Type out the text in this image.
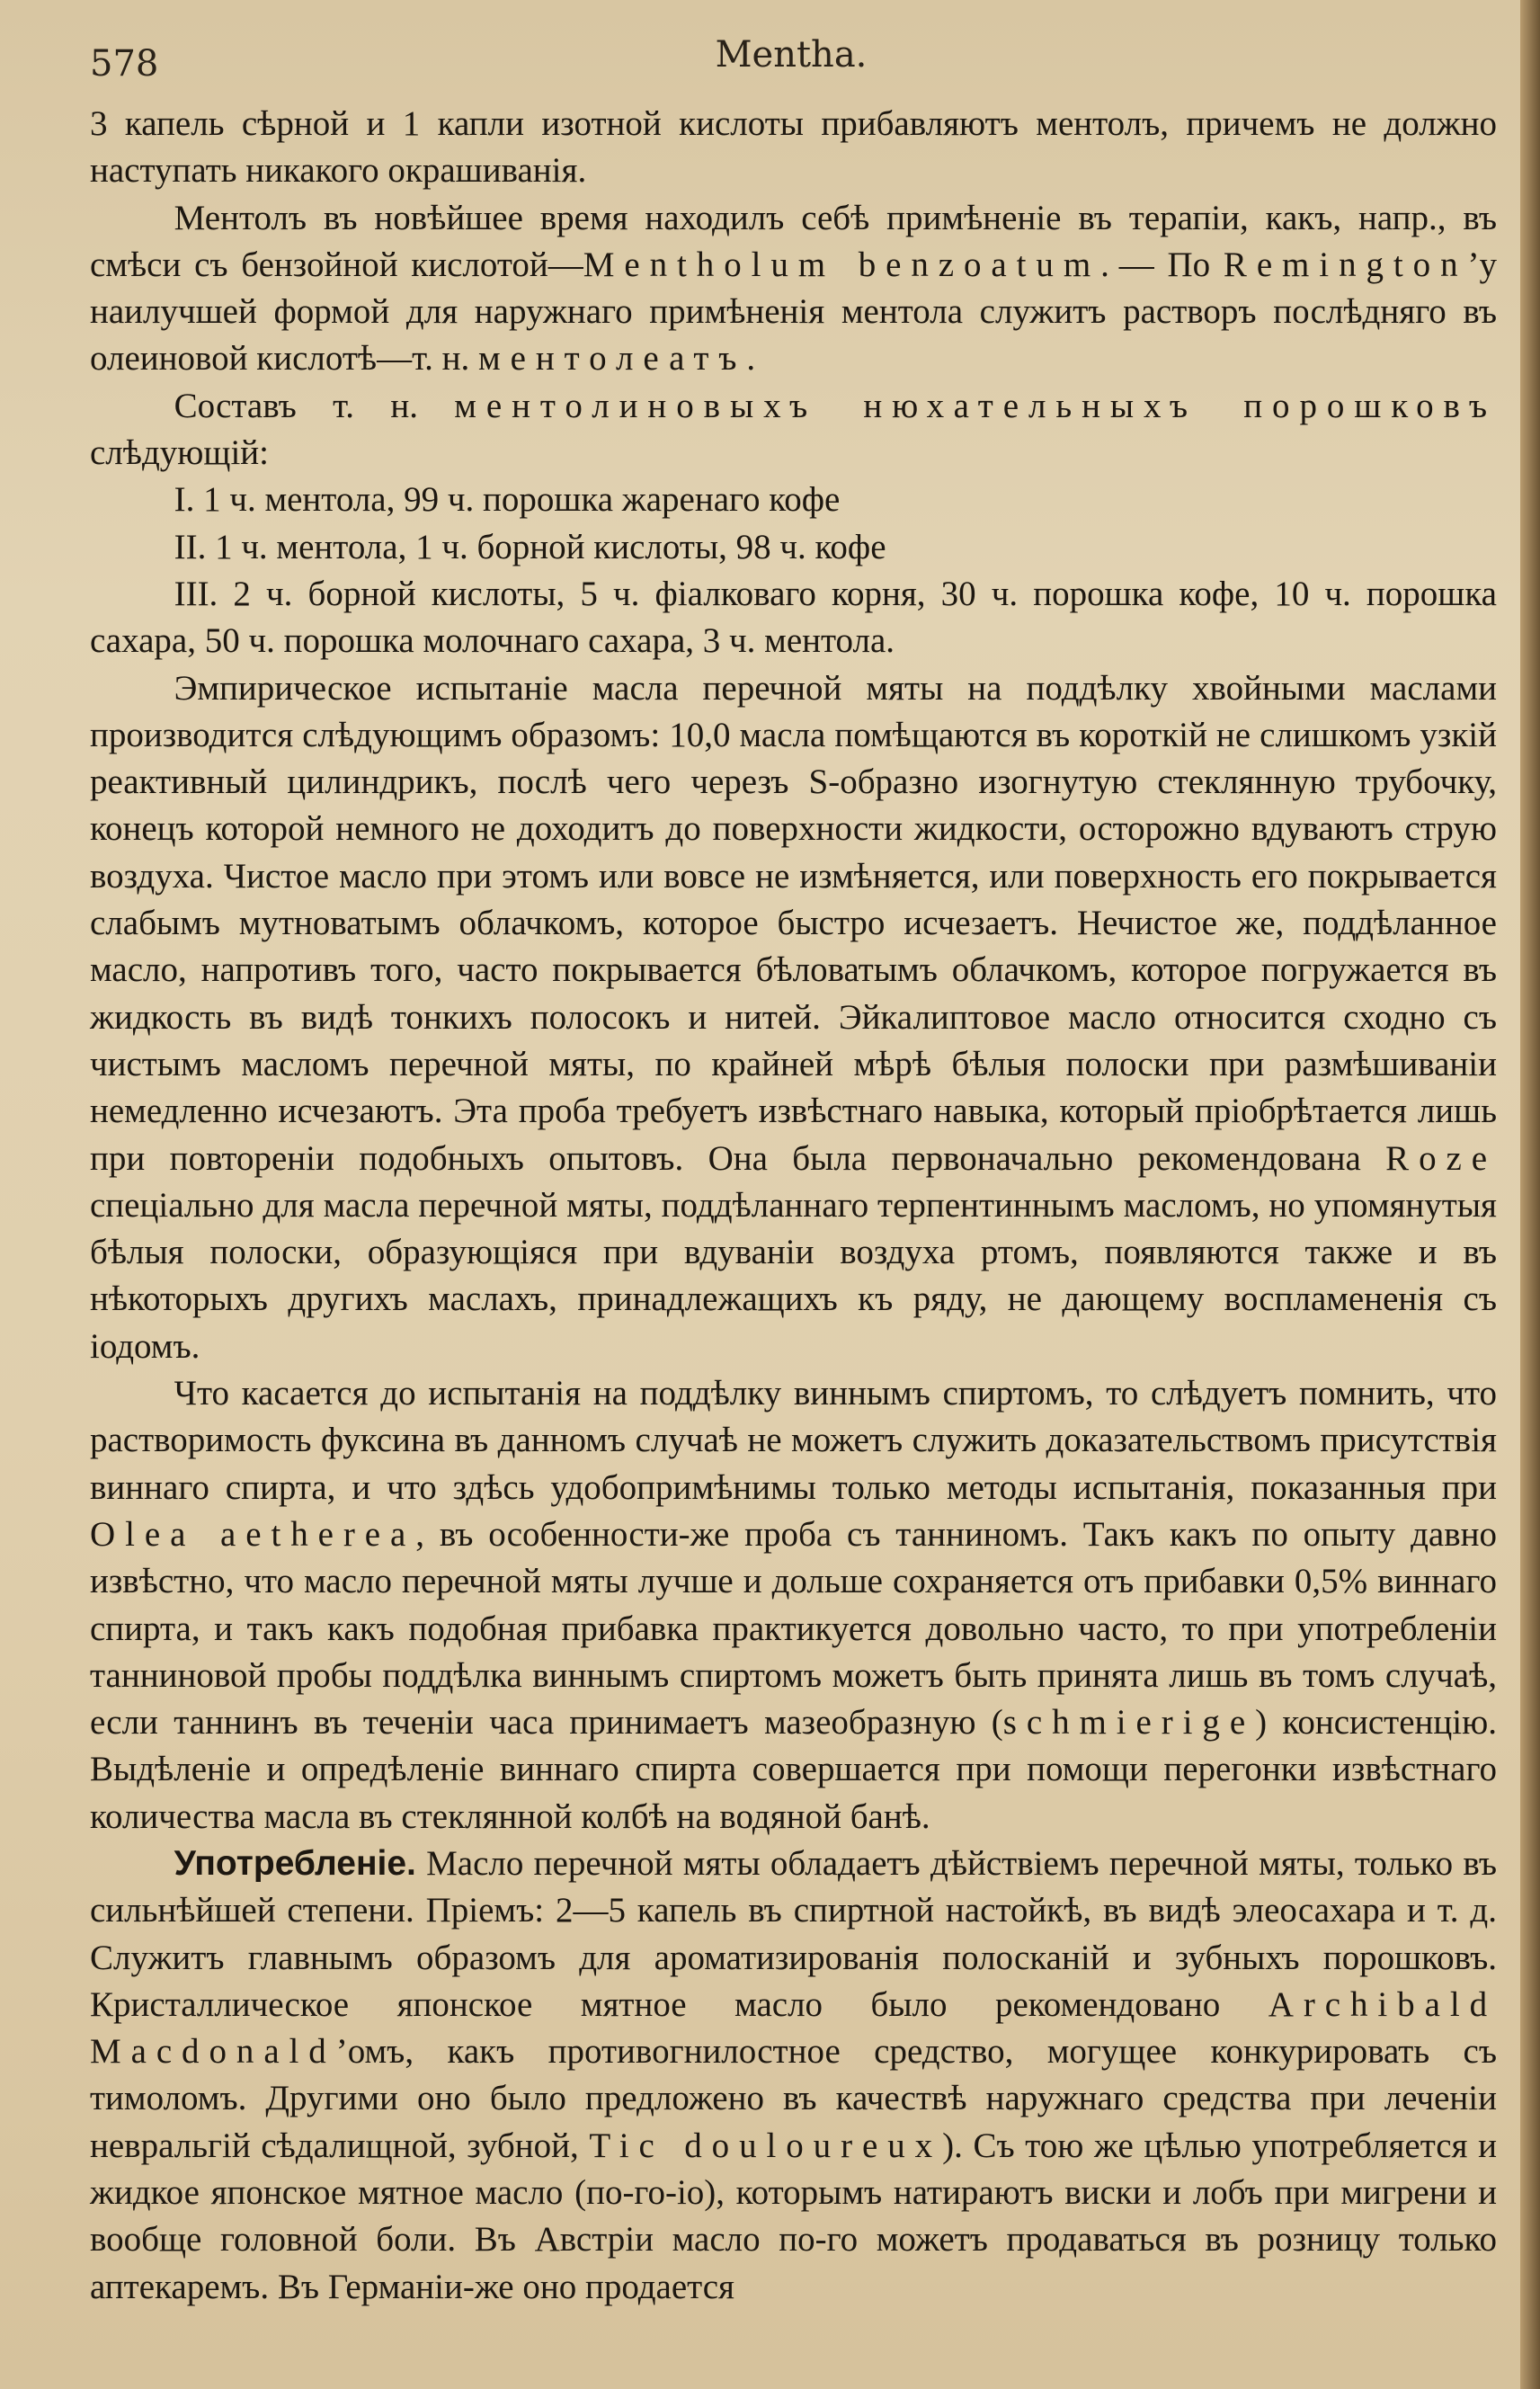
578	Mentha.

3 капель сѣрной и 1 капли изотной кислоты прибавляютъ ментолъ, причемъ не должно наступать никакого окрашиванія.

Ментолъ въ новѣйшее время находилъ себѣ примѣненіе въ терапіи, какъ, напр., въ смѣси съ бензойной кислотой—Mentholum benzoatum.— По Remington’у наилучшей формой для наружнаго примѣненія ментола служитъ растворъ послѣдняго въ олеиновой кислотѣ—т. н. ментолеатъ.

Составъ т. н. ментолиновыхъ нюхательныхъ порошковъ слѣдующій:

I. 1 ч. ментола, 99 ч. порошка жаренаго кофе

II. 1 ч. ментола, 1 ч. борной кислоты, 98 ч. кофе

III. 2 ч. борной кислоты, 5 ч. фіалковаго корня, 30 ч. порошка кофе, 10 ч. порошка сахара, 50 ч. порошка молочнаго сахара, 3 ч. ментола.

Эмпирическое испытаніе масла перечной мяты на поддѣлку хвойными маслами производится слѣдующимъ образомъ: 10,0 масла помѣщаются въ короткій не слишкомъ узкій реактивный цилиндрикъ, послѣ чего черезъ S-образно изогнутую стеклянную трубочку, конецъ которой немного не доходитъ до поверхности жидкости, осторожно вдуваютъ струю воздуха. Чистое масло при этомъ или вовсе не измѣняется, или поверхность его покрывается слабымъ мутноватымъ облачкомъ, которое быстро исчезаетъ. Нечистое же, поддѣланное масло, напротивъ того, часто покрывается бѣловатымъ облачкомъ, которое погружается въ жидкость въ видѣ тонкихъ полосокъ и нитей. Эйкалиптовое масло относится сходно съ чистымъ масломъ перечной мяты, по крайней мѣрѣ бѣлыя полоски при размѣшиваніи немедленно исчезаютъ. Эта проба требуетъ извѣстнаго навыка, который пріобрѣтается лишь при повтореніи подобныхъ опытовъ. Она была первоначально рекомендована Roze спеціально для масла перечной мяты, поддѣланнаго терпентиннымъ масломъ, но упомянутыя бѣлыя полоски, образующіяся при вдуваніи воздуха ртомъ, появляются также и въ нѣкоторыхъ другихъ маслахъ, принадлежащихъ къ ряду, не дающему воспламененія съ іодомъ.

Что касается до испытанія на поддѣлку виннымъ спиртомъ, то слѣдуетъ помнить, что растворимость фуксина въ данномъ случаѣ не можетъ служить доказательствомъ присутствія виннаго спирта, и что здѣсь удобопримѣнимы только методы испытанія, показанныя при Olea aetherea, въ особенности-же проба съ танниномъ. Такъ какъ по опыту давно извѣстно, что масло перечной мяты лучше и дольше сохраняется отъ прибавки 0,5% виннаго спирта, и такъ какъ подобная прибавка практикуется довольно часто, то при употребленіи танниновой пробы поддѣлка виннымъ спиртомъ можетъ быть принята лишь въ томъ случаѣ, если таннинъ въ теченіи часа принимаетъ мазеобразную (schmierige) консистенцію. Выдѣленіе и опредѣленіе виннаго спирта совершается при помощи перегонки извѣстнаго количества масла въ стеклянной колбѣ на водяной банѣ.

Употребленіе. Масло перечной мяты обладаетъ дѣйствіемъ перечной мяты, только въ сильнѣйшей степени. Пріемъ: 2—5 капель въ спиртной настойкѣ, въ видѣ элеосахара и т. д. Служитъ главнымъ образомъ для ароматизированія полосканій и зубныхъ порошковъ. Кристаллическое японское мятное масло было рекомендовано Archibald Macdonald’омъ, какъ противогнилостное средство, могущее конкурировать съ тимоломъ. Другими оно было предложено въ качествѣ наружнаго средства при леченіи невральгій сѣдалищной, зубной, Tic douloureux). Съ тою же цѣлью употребляется и жидкое японское мятное масло (по-го-іо), которымъ натираютъ виски и лобъ при мигрени и вообще головной боли. Въ Австріи масло по-го можетъ продаваться въ розницу только аптекаремъ. Въ Германіи-же оно продается
